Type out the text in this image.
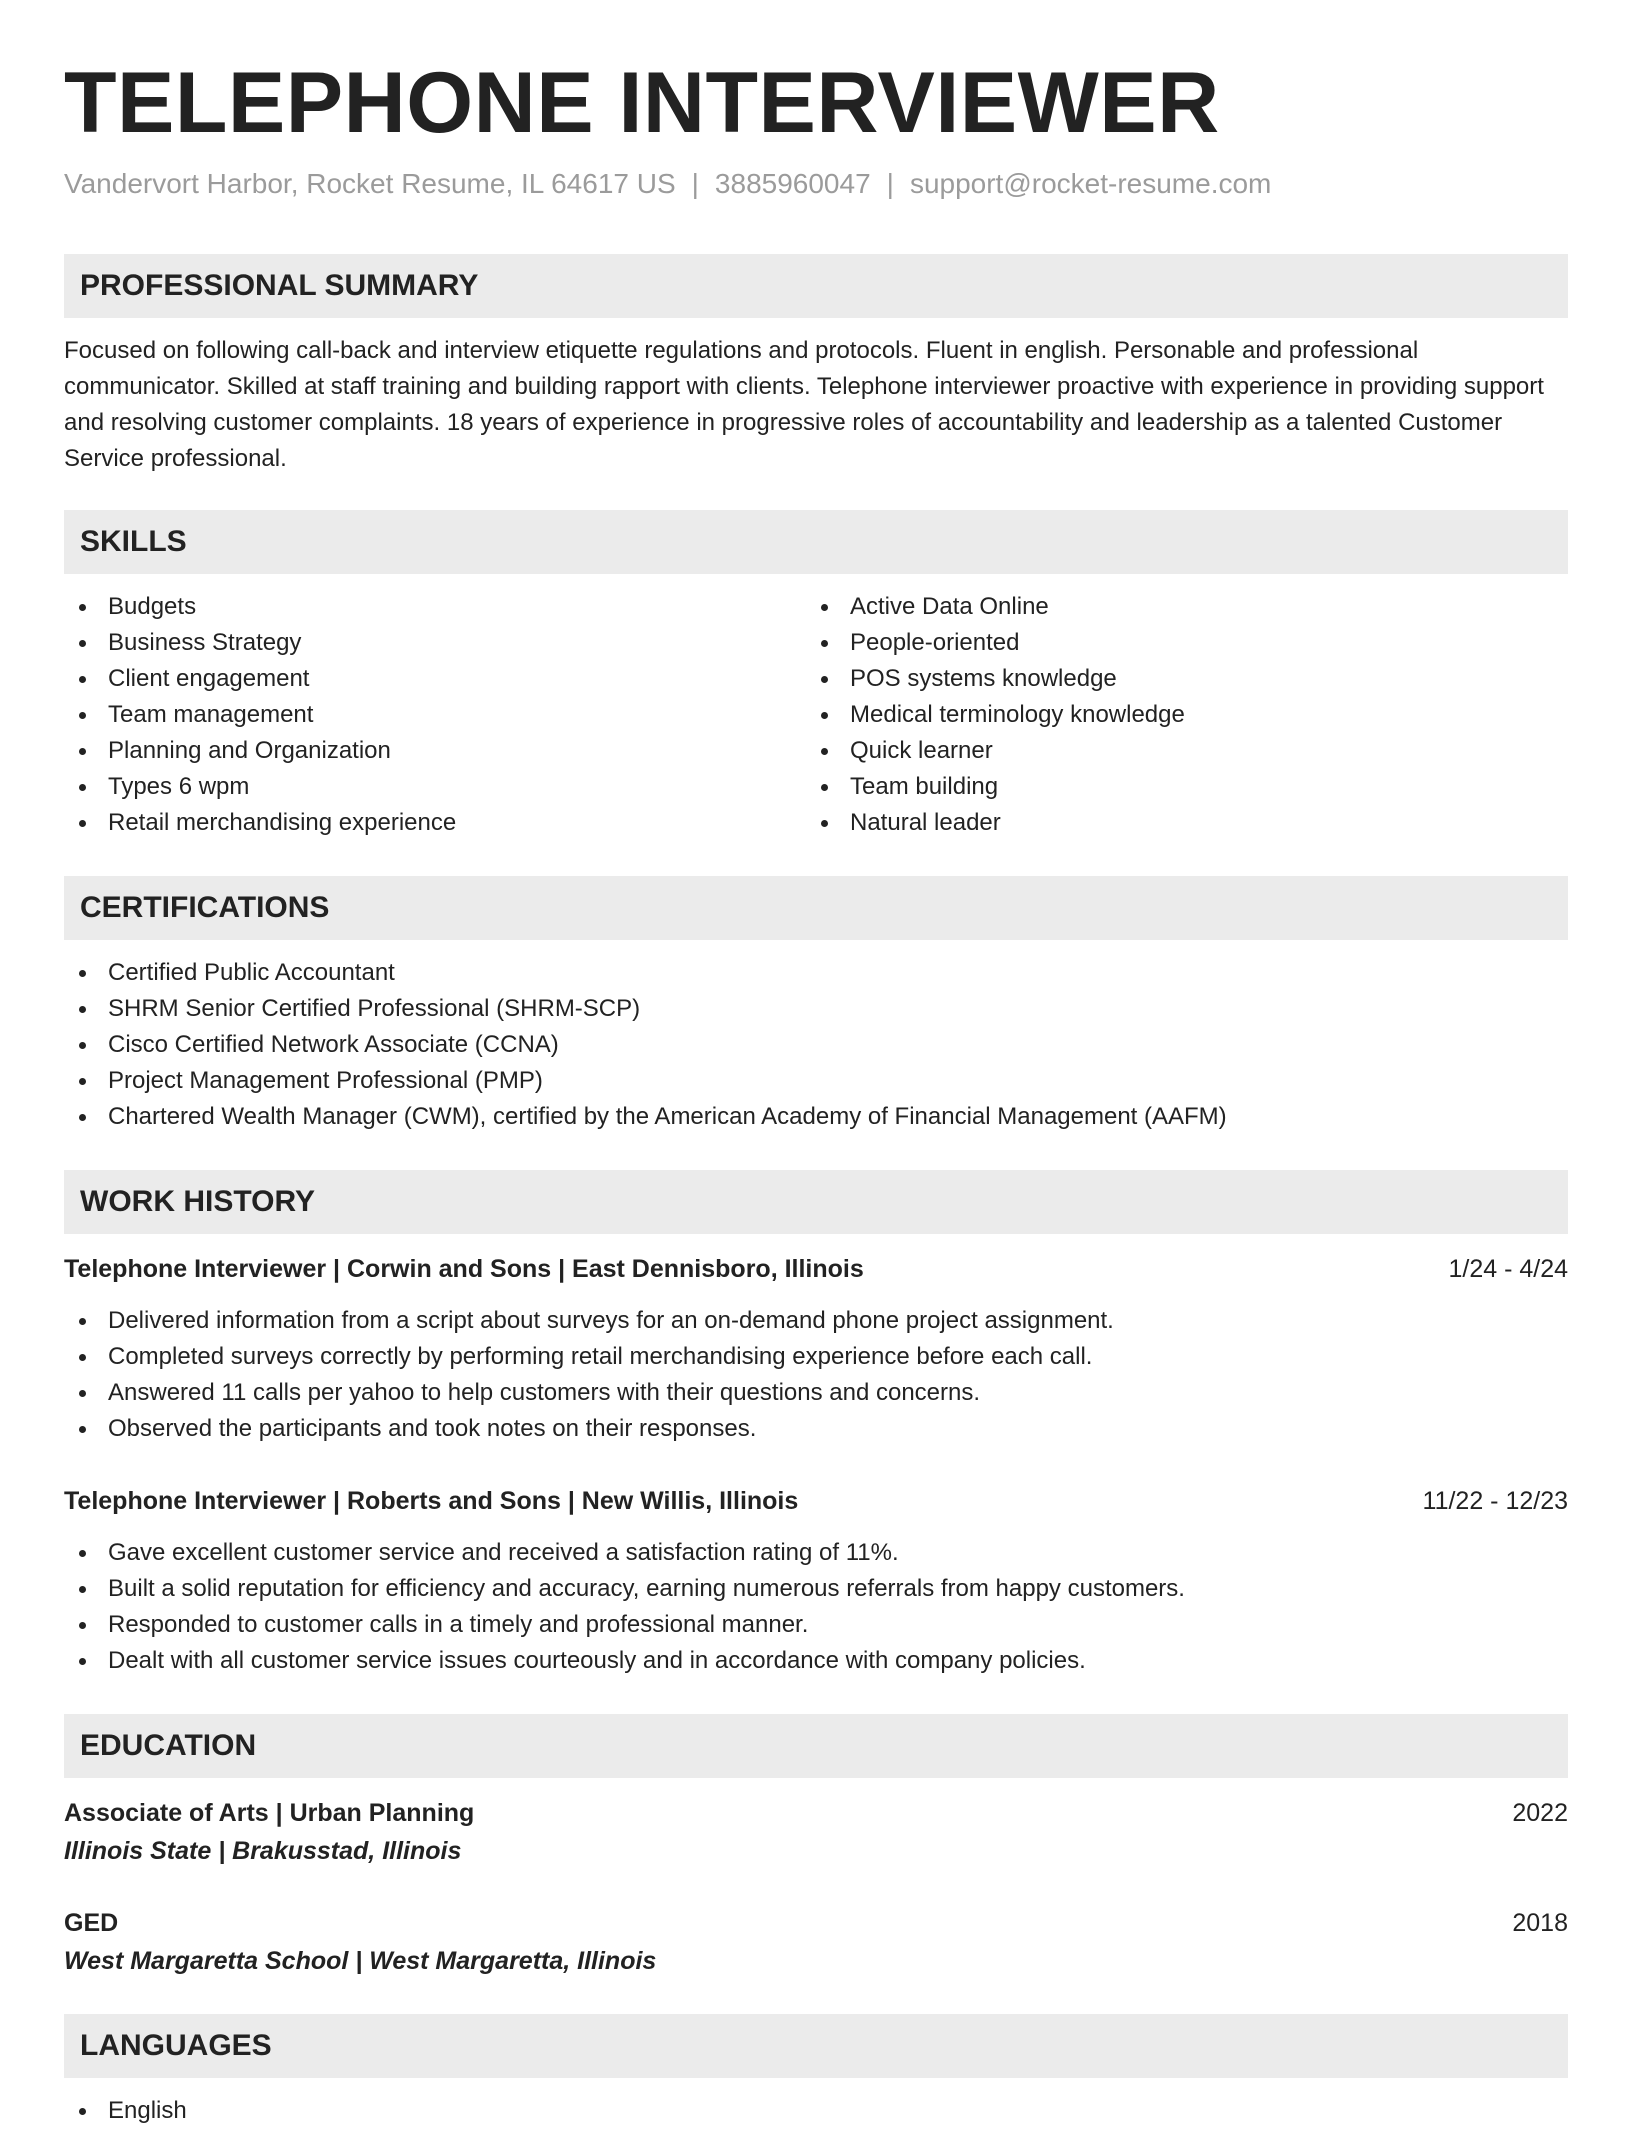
TELEPHONE INTERVIEWER

Vandervort Harbor, Rocket Resume, IL 64617 US | 3885960047 | support@rocket-resume.com

PROFESSIONAL SUMMARY

Focused on following call-back and interview etiquette regulations and protocols. Fluent in english. Personable and professional communicator. Skilled at staff training and building rapport with clients. Telephone interviewer proactive with experience in providing support and resolving customer complaints. 18 years of experience in progressive roles of accountability and leadership as a talented Customer Service professional.

SKILLS
Budgets
Business Strategy
Client engagement
Team management
Planning and Organization
Types 6 wpm
Retail merchandising experience
Active Data Online
People-oriented
POS systems knowledge
Medical terminology knowledge
Quick learner
Team building
Natural leader
CERTIFICATIONS
Certified Public Accountant
SHRM Senior Certified Professional (SHRM-SCP)
Cisco Certified Network Associate (CCNA)
Project Management Professional (PMP)
Chartered Wealth Manager (CWM), certified by the American Academy of Financial Management (AAFM)
WORK HISTORY
Telephone Interviewer | Corwin and Sons | East Dennisboro, Illinois	1/24 - 4/24
Delivered information from a script about surveys for an on-demand phone project assignment.
Completed surveys correctly by performing retail merchandising experience before each call.
Answered 11 calls per yahoo to help customers with their questions and concerns.
Observed the participants and took notes on their responses.
Telephone Interviewer | Roberts and Sons | New Willis, Illinois	11/22 - 12/23
Gave excellent customer service and received a satisfaction rating of 11%.
Built a solid reputation for efficiency and accuracy, earning numerous referrals from happy customers.
Responded to customer calls in a timely and professional manner.
Dealt with all customer service issues courteously and in accordance with company policies.
EDUCATION
Associate of Arts | Urban Planning	2022
Illinois State | Brakusstad, Illinois
GED	2018
West Margaretta School | West Margaretta, Illinois
LANGUAGES
English
